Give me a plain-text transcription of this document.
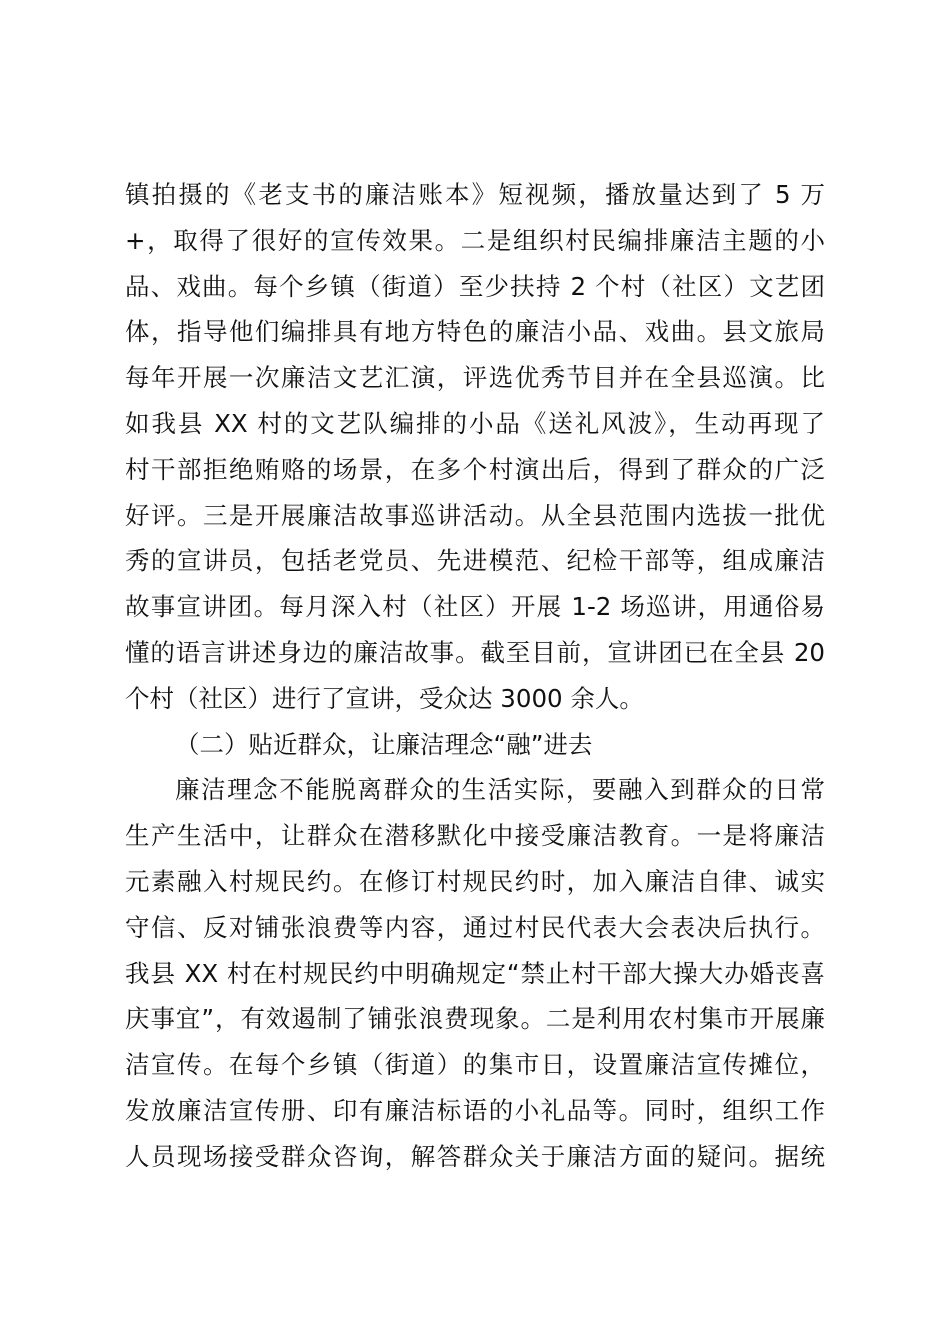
镇拍摄的《老支书的廉洁账本》短视频，播放量达到了 5 万
+，取得了很好的宣传效果。二是组织村民编排廉洁主题的小
品、戏曲。每个乡镇（街道）至少扶持 2 个村（社区）文艺团
体，指导他们编排具有地方特色的廉洁小品、戏曲。县文旅局
每年开展一次廉洁文艺汇演，评选优秀节目并在全县巡演。比
如我县 XX 村的文艺队编排的小品《送礼风波》，生动再现了
村干部拒绝贿赂的场景，在多个村演出后，得到了群众的广泛
好评。三是开展廉洁故事巡讲活动。从全县范围内选拔一批优
秀的宣讲员，包括老党员、先进模范、纪检干部等，组成廉洁
故事宣讲团。每月深入村（社区）开展 1-2 场巡讲，用通俗易
懂的语言讲述身边的廉洁故事。截至目前，宣讲团已在全县 20
个村（社区）进行了宣讲，受众达 3000 余人。
（二）贴近群众，让廉洁理念“融”进去
廉洁理念不能脱离群众的生活实际，要融入到群众的日常
生产生活中，让群众在潜移默化中接受廉洁教育。一是将廉洁
元素融入村规民约。在修订村规民约时，加入廉洁自律、诚实
守信、反对铺张浪费等内容，通过村民代表大会表决后执行。
我县 XX 村在村规民约中明确规定“禁止村干部大操大办婚丧喜
庆事宜”，有效遏制了铺张浪费现象。二是利用农村集市开展廉
洁宣传。在每个乡镇（街道）的集市日，设置廉洁宣传摊位，
发放廉洁宣传册、印有廉洁标语的小礼品等。同时，组织工作
人员现场接受群众咨询，解答群众关于廉洁方面的疑问。据统
